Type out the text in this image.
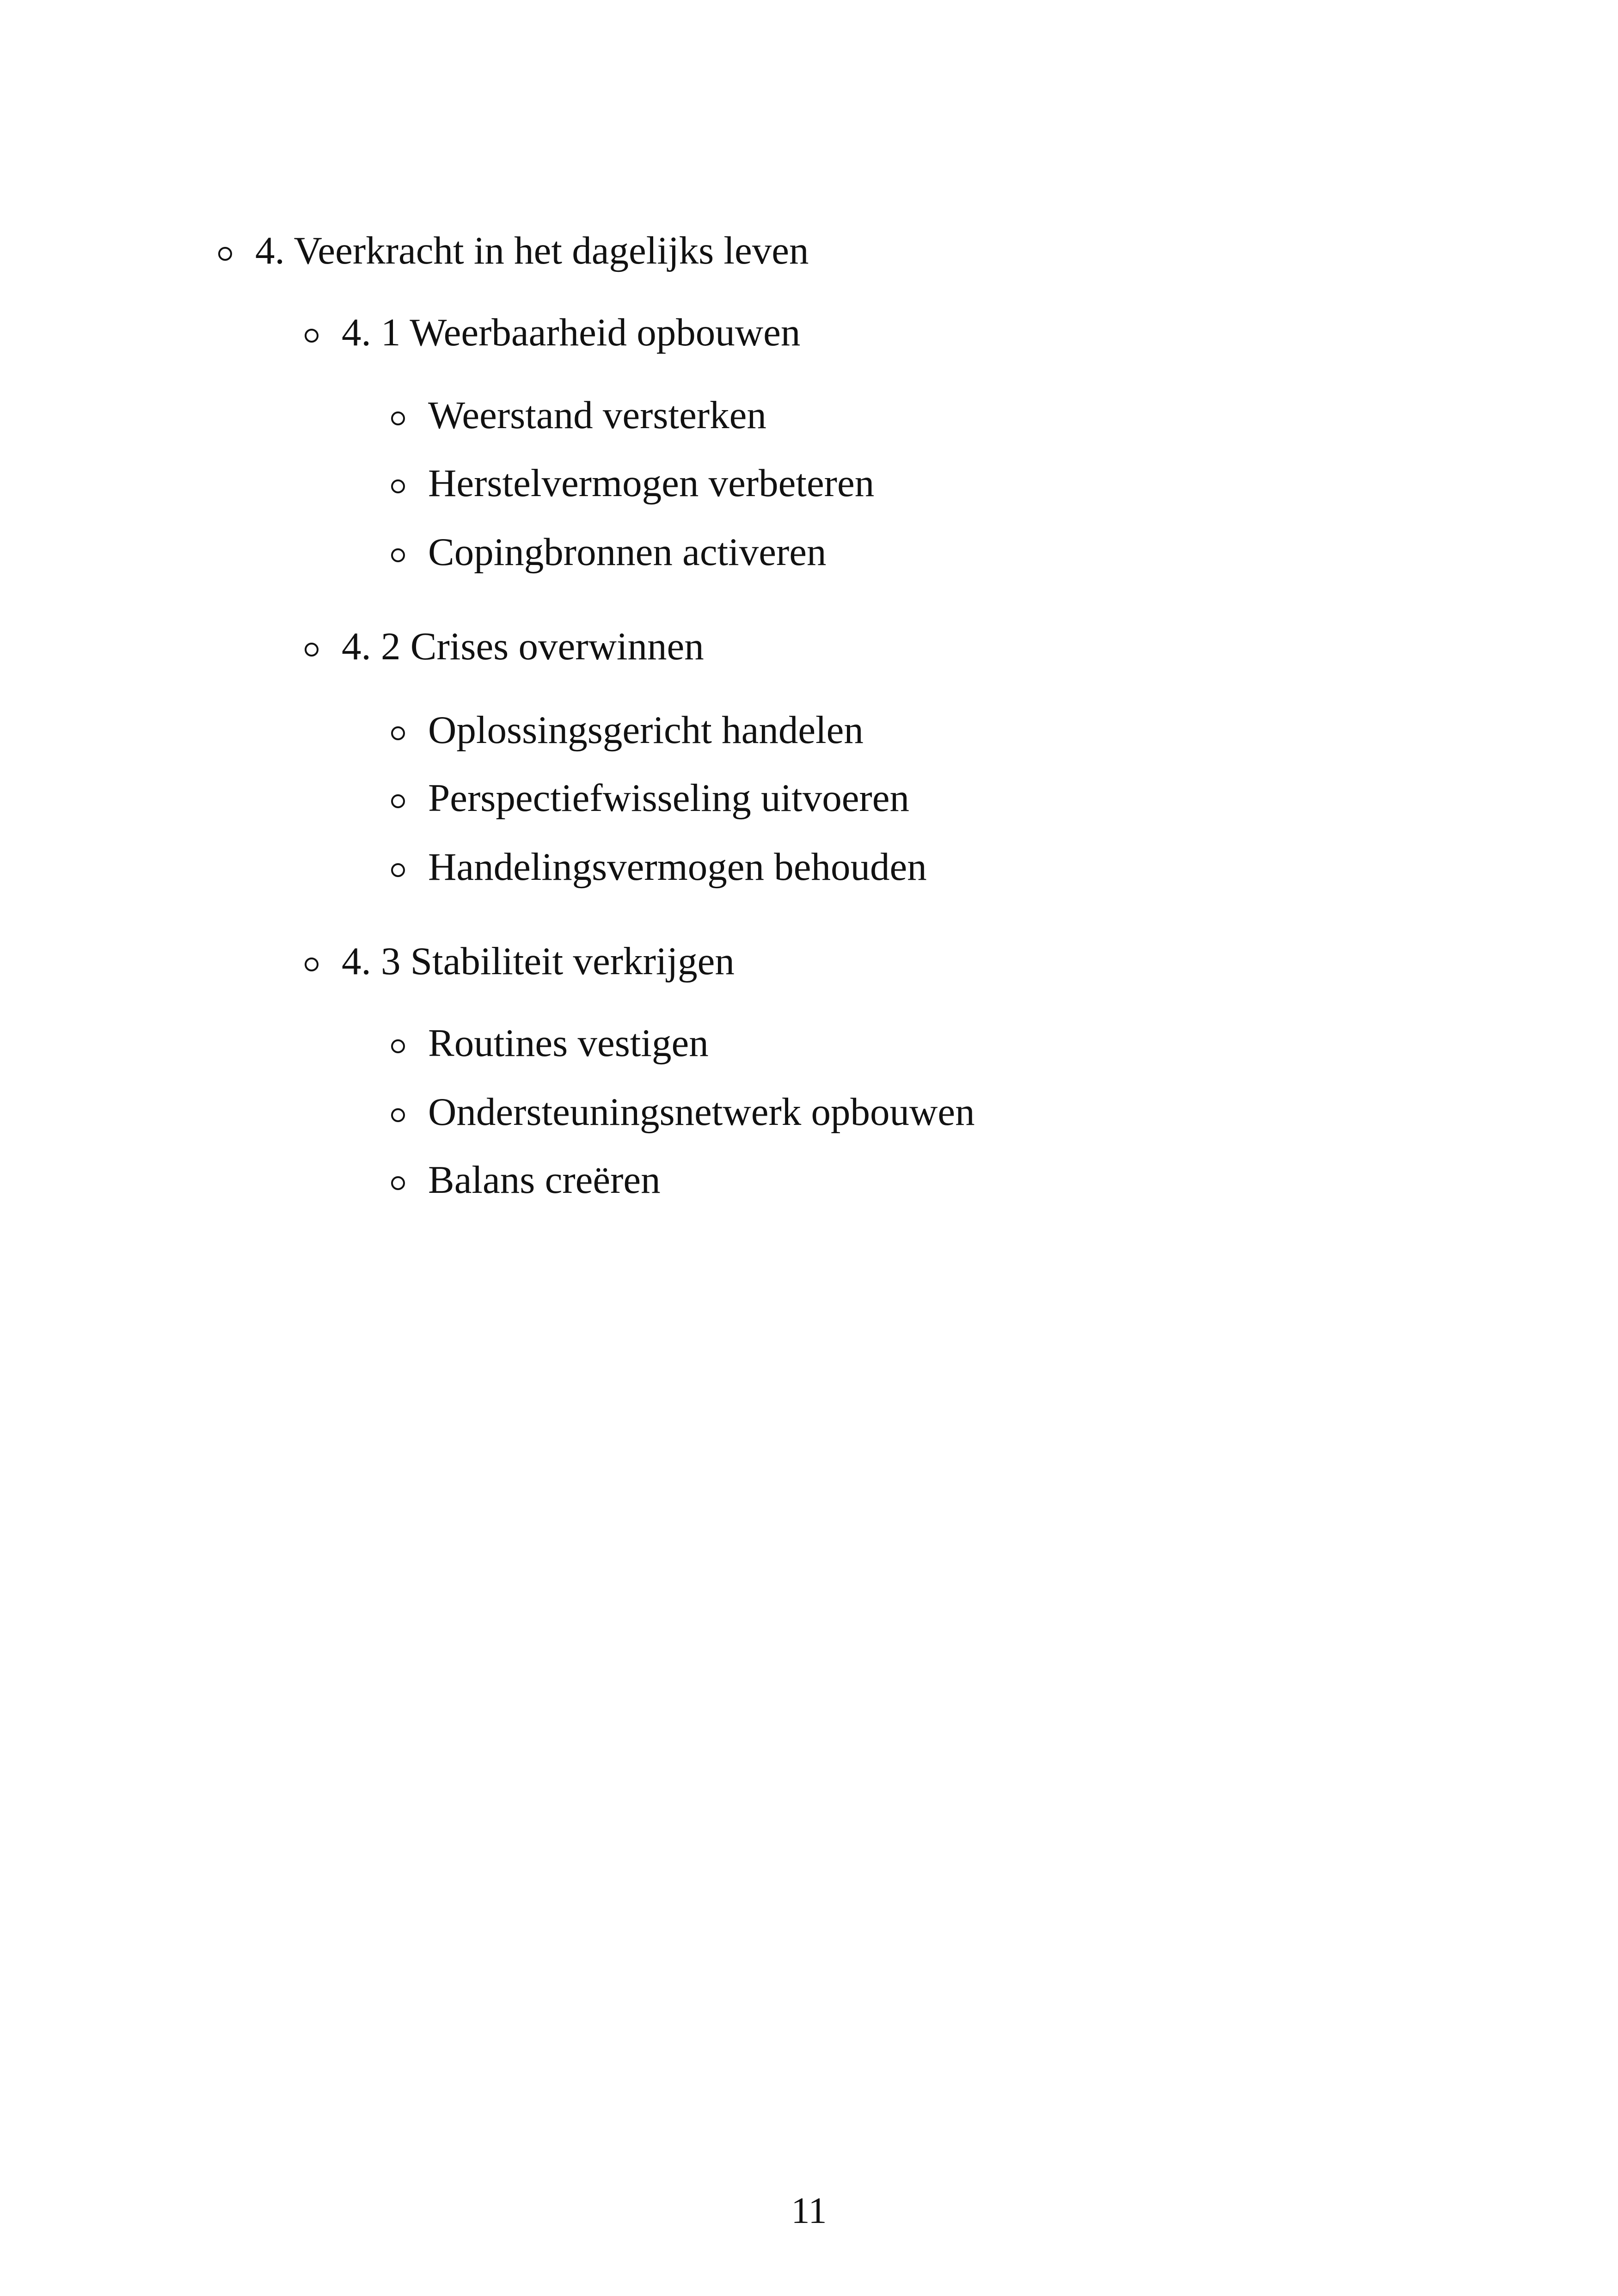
4. Veerkracht in het dagelijks leven
4. 1 Weerbaarheid opbouwen
Weerstand versterken
Herstelvermogen verbeteren
Copingbronnen activeren
4. 2 Crises overwinnen
Oplossingsgericht handelen
Perspectiefwisseling uitvoeren
Handelingsvermogen behouden
4. 3 Stabiliteit verkrijgen
Routines vestigen
Ondersteuningsnetwerk opbouwen
Balans creëren
11
